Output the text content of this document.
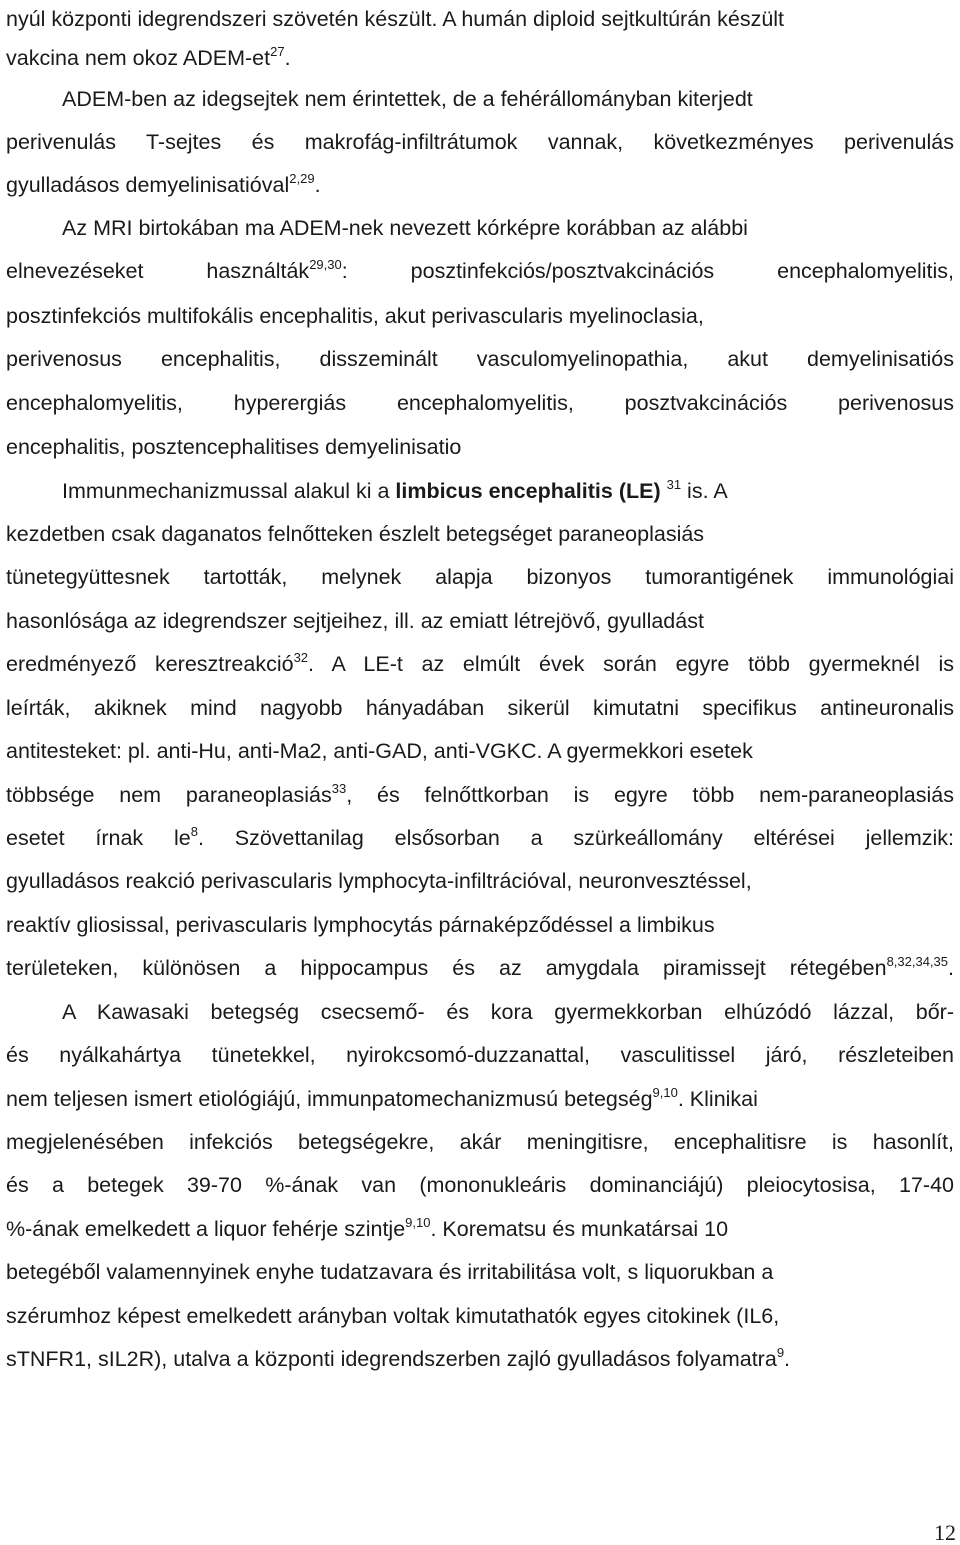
nyúl központi idegrendszeri szövetén készült. A humán diploid sejtkultúrán készült
vakcina nem okoz ADEM-$et^{27}$.
ADEM-ben az idegsejtek nem érintettek, de a fehérállományban kiterjedt
perivenulás T-sejtes és makrofág-infiltrátumok vannak, következményes perivenulás
gyulladásos demyelinisatióval$^{2,29}$.
Az MRI birtokában ma ADEM-nek nevezett kórképre korábban az alábbi
elnevezéseket használták$^{29,30}$: posztinfekciós/posztvakcinációs encephalomyelitis,
posztinfekciós multifokális encephalitis, akut perivascularis myelinoclasia,
perivenosus encephalitis, disszeminált vasculomyelinopathia, akut demyelinisatiós
encephalomyelitis, hyperergiás encephalomyelitis, posztvakcinációs perivenosus
encephalitis, posztencephalitises demyelinisatio
Immunmechanizmussal alakul ki a limbicus encephalitis (LE) $^{31}$ is. A
kezdetben csak daganatos felnőtteken észlelt betegséget paraneoplasiás
tünetegyüttesnek tartották, melynek alapja bizonyos tumorantigének immunológiai
hasonlósága az idegrendszer sejtjeihez, ill. az emiatt létrejövő, gyulladást
eredményező keresztreakció$^{32}$. A LE-t az elmúlt évek során egyre több gyermeknél is
leírták, akiknek mind nagyobb hányadában sikerül kimutatni specifikus antineuronalis
antitesteket: pl. anti-Hu, anti-Ma2, anti-GAD, anti-VGKC. A gyermekkori esetek
többsége nem paraneoplasiás$^{33}$, és felnőttkorban is egyre több nem-paraneoplasiás
esetet írnak $le^8$. Szövettanilag elsősorban a szürkeállomány eltérései jellemzik:
gyulladásos reakció perivascularis lymphocyta-infiltrációval, neuronvesztéssel,
reaktív gliosissal, perivascularis lymphocytás párnaképződéssel a limbikus
területeken, különösen a hippocampus és az amygdala piramissejt rétegében$^{8,32,34,35}$.
A Kawasaki betegség csecsemő- és kora gyermekkorban elhúzódó lázzal, bőr-
és nyálkahártya tünetekkel, nyirokcsomó-duzzanattal, vasculitissel járó, részleteiben
nem teljesen ismert etiológiájú, immunpatomechanizmusú betegség$^{9,10}$. Klinikai
megjelenésében infekciós betegségekre, akár meningitisre, encephalitisre is hasonlít,
és a betegek 39-70 %-ának van (mononukleáris dominanciájú) pleiocytosisa, 17-40
%-ának emelkedett a liquor fehérje szintje$^{9,10}$. Korematsu és munkatársai 10
betegéből valamennyinek enyhe tudatzavara és irritabilitása volt, s liquorukban a
szérumhoz képest emelkedett arányban voltak kimutathatók egyes citokinek (IL6,
sTNFR1, sIL2R), utalva a központi idegrendszerben zajló gyulladásos folyamatra$^9$.
12
